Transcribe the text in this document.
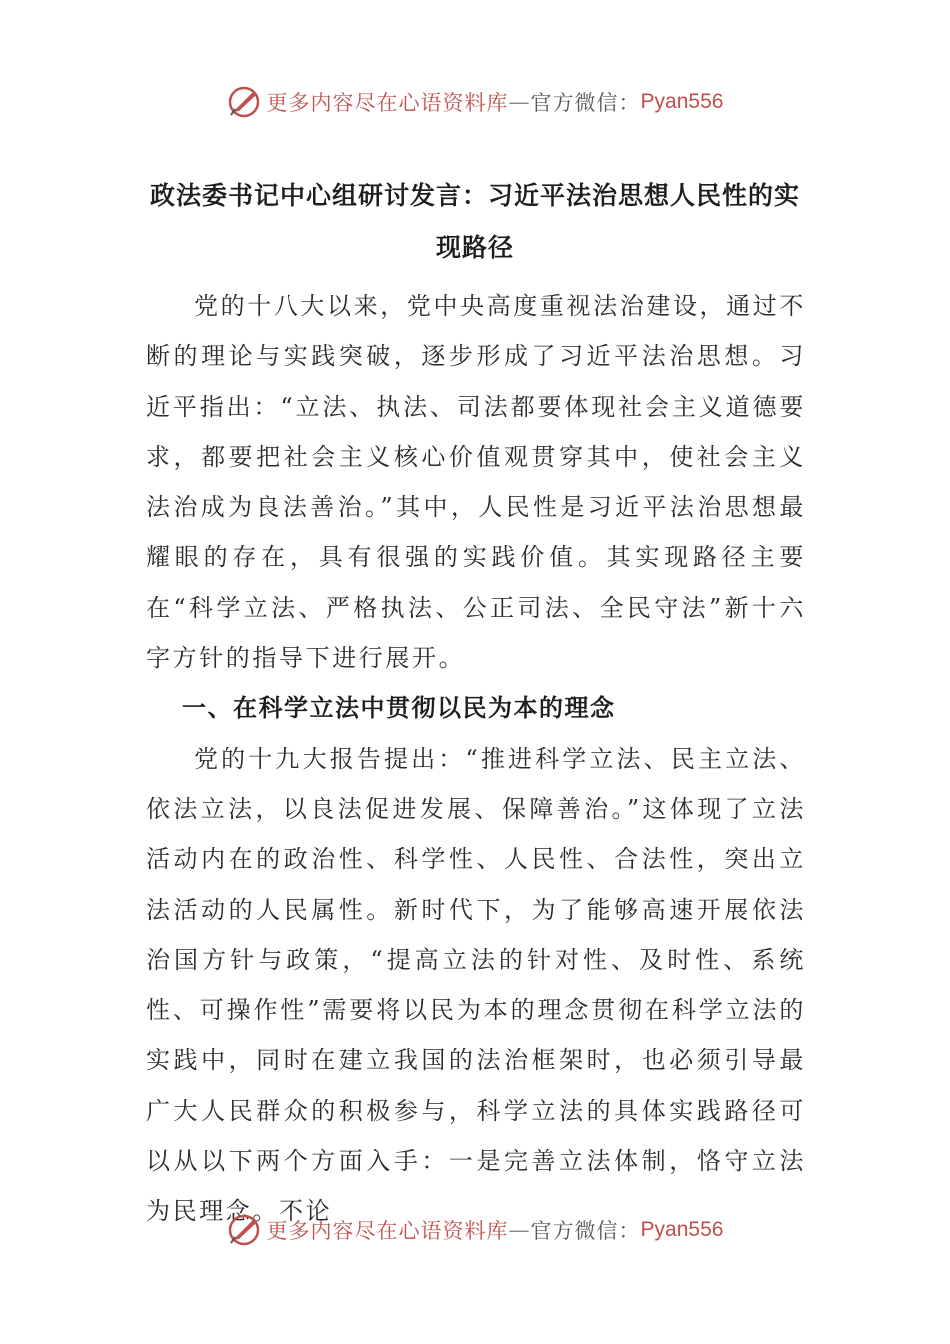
更多内容尽在心语资料库 — 官方微信： Pyan556
政法委书记中心组研讨发言：习近平法治思想人民性的实现路径

党的十八大以来，党中央高度重视法治建设，通过不断的理论与实践突破，逐步形成了习近平法治思想。习近平指出：“立法、执法、司法都要体现社会主义道德要求，都要把社会主义核心价值观贯穿其中，使社会主义法治成为良法善治。”其中，人民性是习近平法治思想最耀眼的存在，具有很强的实践价值。其实现路径主要在“科学立法、严格执法、公正司法、全民守法”新十六字方针的指导下进行展开。

一、在科学立法中贯彻以民为本的理念

党的十九大报告提出：“推进科学立法、民主立法、依法立法，以良法促进发展、保障善治。”这体现了立法活动内在的政治性、科学性、人民性、合法性，突出立法活动的人民属性。新时代下，为了能够高速开展依法治国方针与政策，“提高立法的针对性、及时性、系统性、可操作性”需要将以民为本的理念贯彻在科学立法的实践中，同时在建立我国的法治框架时，也必须引导最广大人民群众的积极参与，科学立法的具体实践路径可以从以下两个方面入手：一是完善立法体制，恪守立法为民理念。不论

更多内容尽在心语资料库 — 官方微信： Pyan556
